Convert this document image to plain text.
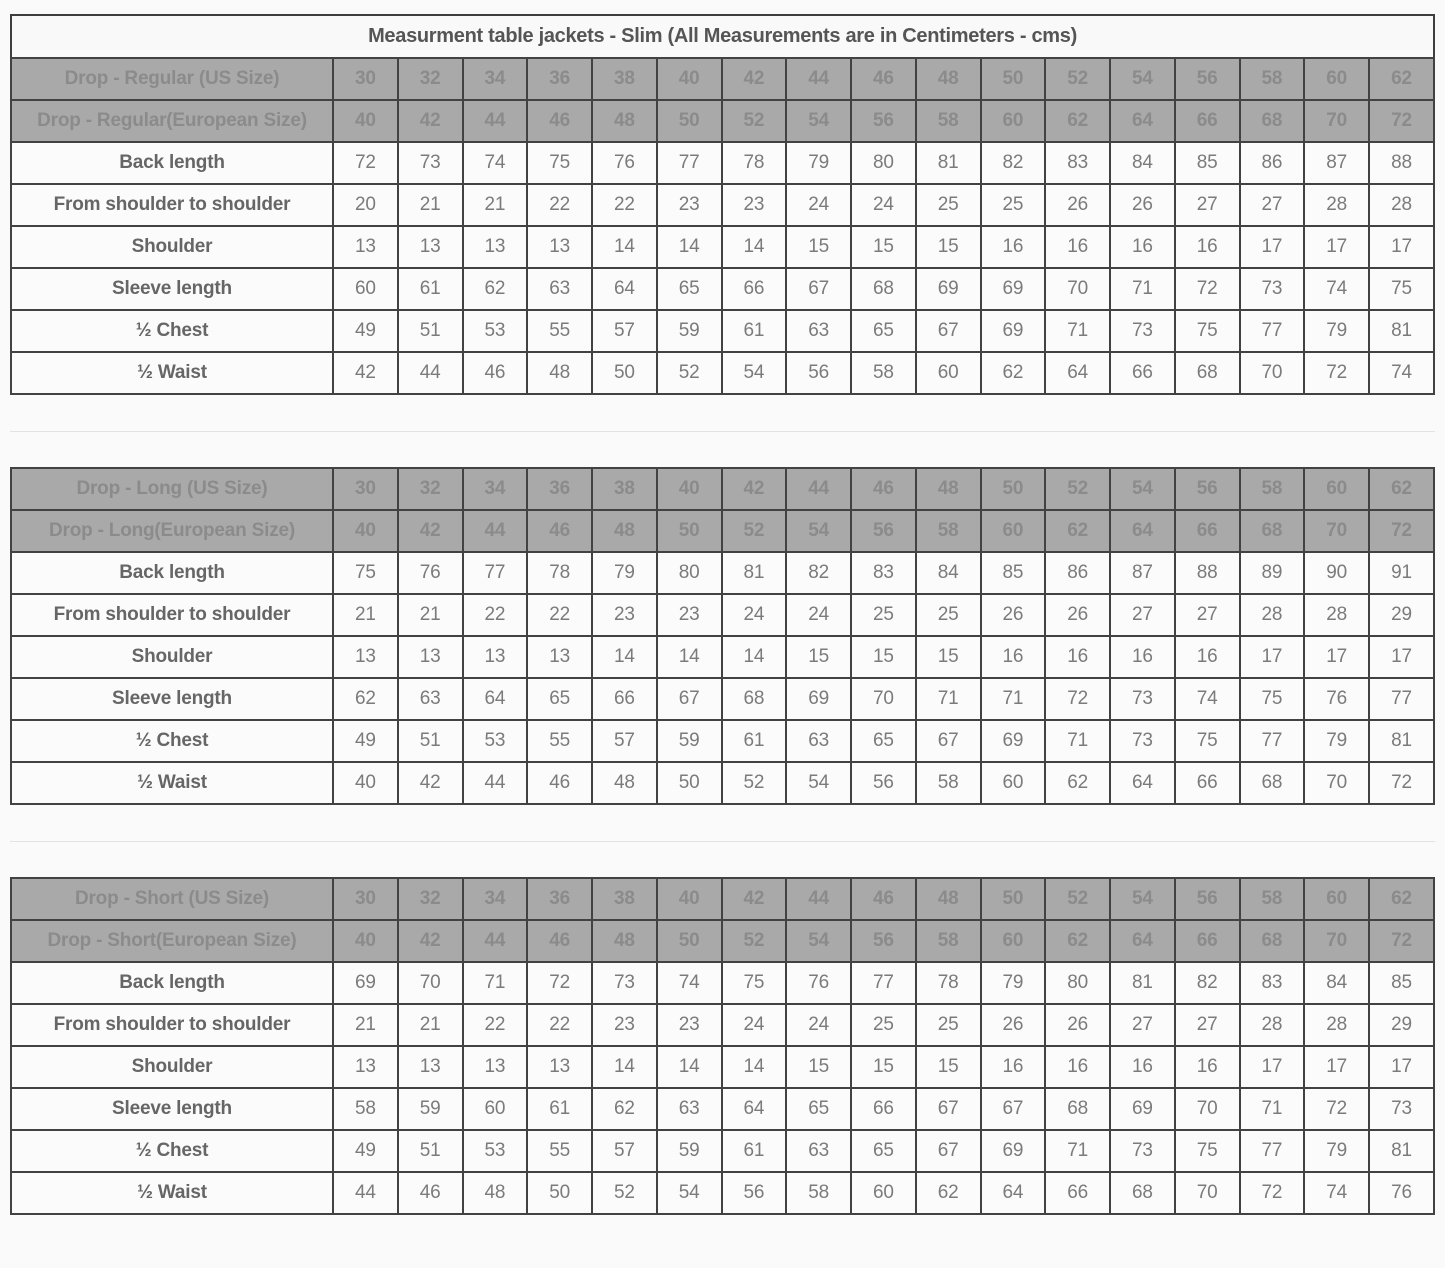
Measurment table jackets - Slim (All Measurements are in Centimeters - cms)
Drop - Regular (US Size)	30	32	34	36	38	40	42	44	46	48	50	52	54	56	58	60	62
Drop - Regular(European Size)	40	42	44	46	48	50	52	54	56	58	60	62	64	66	68	70	72
Back length	72	73	74	75	76	77	78	79	80	81	82	83	84	85	86	87	88
From shoulder to shoulder	20	21	21	22	22	23	23	24	24	25	25	26	26	27	27	28	28
Shoulder	13	13	13	13	14	14	14	15	15	15	16	16	16	16	17	17	17
Sleeve length	60	61	62	63	64	65	66	67	68	69	69	70	71	72	73	74	75
½ Chest	49	51	53	55	57	59	61	63	65	67	69	71	73	75	77	79	81
½ Waist	42	44	46	48	50	52	54	56	58	60	62	64	66	68	70	72	74
Drop - Long (US Size)	30	32	34	36	38	40	42	44	46	48	50	52	54	56	58	60	62
Drop - Long(European Size)	40	42	44	46	48	50	52	54	56	58	60	62	64	66	68	70	72
Back length	75	76	77	78	79	80	81	82	83	84	85	86	87	88	89	90	91
From shoulder to shoulder	21	21	22	22	23	23	24	24	25	25	26	26	27	27	28	28	29
Shoulder	13	13	13	13	14	14	14	15	15	15	16	16	16	16	17	17	17
Sleeve length	62	63	64	65	66	67	68	69	70	71	71	72	73	74	75	76	77
½ Chest	49	51	53	55	57	59	61	63	65	67	69	71	73	75	77	79	81
½ Waist	40	42	44	46	48	50	52	54	56	58	60	62	64	66	68	70	72
Drop - Short (US Size)	30	32	34	36	38	40	42	44	46	48	50	52	54	56	58	60	62
Drop - Short(European Size)	40	42	44	46	48	50	52	54	56	58	60	62	64	66	68	70	72
Back length	69	70	71	72	73	74	75	76	77	78	79	80	81	82	83	84	85
From shoulder to shoulder	21	21	22	22	23	23	24	24	25	25	26	26	27	27	28	28	29
Shoulder	13	13	13	13	14	14	14	15	15	15	16	16	16	16	17	17	17
Sleeve length	58	59	60	61	62	63	64	65	66	67	67	68	69	70	71	72	73
½ Chest	49	51	53	55	57	59	61	63	65	67	69	71	73	75	77	79	81
½ Waist	44	46	48	50	52	54	56	58	60	62	64	66	68	70	72	74	76
